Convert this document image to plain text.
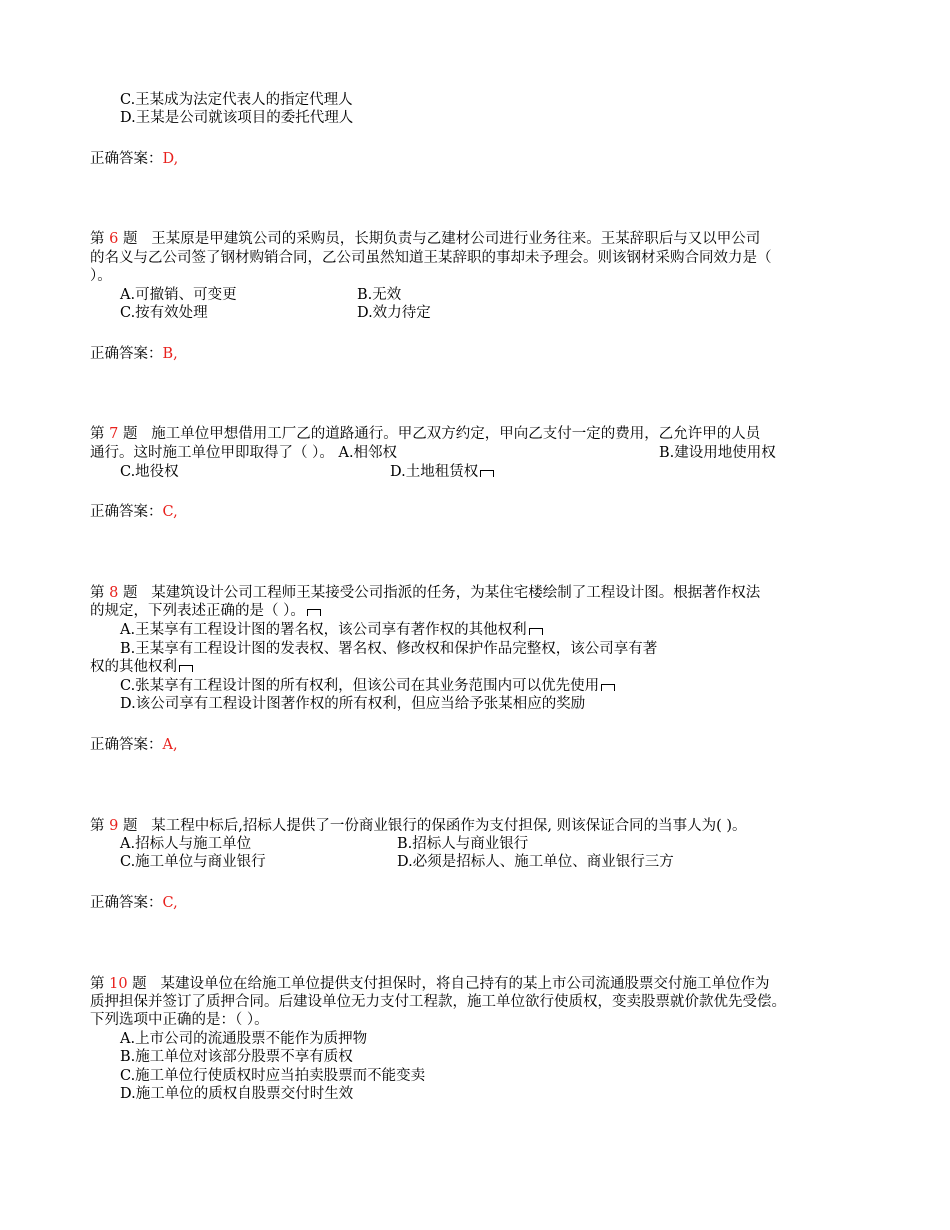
C.王某成为法定代表人的指定代理人
D.王某是公司就该项目的委托代理人
正确答案：D,
第 6 题 王某原是甲建筑公司的采购员，长期负责与乙建材公司进行业务往来。王某辞职后与又以甲公司
的名义与乙公司签了钢材购销合同，乙公司虽然知道王某辞职的事却未予理会。则该钢材采购合同效力是（
）。
A.可撤销、可变更	B.无效
C.按有效处理	D.效力待定
正确答案：B,
第 7 题 施工单位甲想借用工厂乙的道路通行。甲乙双方约定，甲向乙支付一定的费用，乙允许甲的人员
通行。这时施工单位甲即取得了（ ）。 A.相邻权	B.建设用地使用权
C.地役权	D.土地租赁权
正确答案：C,
第 8 题 某建筑设计公司工程师王某接受公司指派的任务，为某住宅楼绘制了工程设计图。根据著作权法
的规定，下列表述正确的是（ ）。
A.王某享有工程设计图的署名权，该公司享有著作权的其他权利
B.王某享有工程设计图的发表权、署名权、修改权和保护作品完整权，该公司享有著
权的其他权利
C.张某享有工程设计图的所有权利，但该公司在其业务范围内可以优先使用
D.该公司享有工程设计图著作权的所有权利，但应当给予张某相应的奖励
正确答案：A,
第 9 题 某工程中标后,招标人提供了一份商业银行的保函作为支付担保, 则该保证合同的当事人为( )。
A.招标人与施工单位	B.招标人与商业银行
C.施工单位与商业银行	D.必须是招标人、施工单位、商业银行三方
正确答案：C,
第 10 题 某建设单位在给施工单位提供支付担保时，将自己持有的某上市公司流通股票交付施工单位作为
质押担保并签订了质押合同。后建设单位无力支付工程款，施工单位欲行使质权，变卖股票就价款优先受偿。
下列选项中正确的是：（ ）。
A.上市公司的流通股票不能作为质押物
B.施工单位对该部分股票不享有质权
C.施工单位行使质权时应当拍卖股票而不能变卖
D.施工单位的质权自股票交付时生效
